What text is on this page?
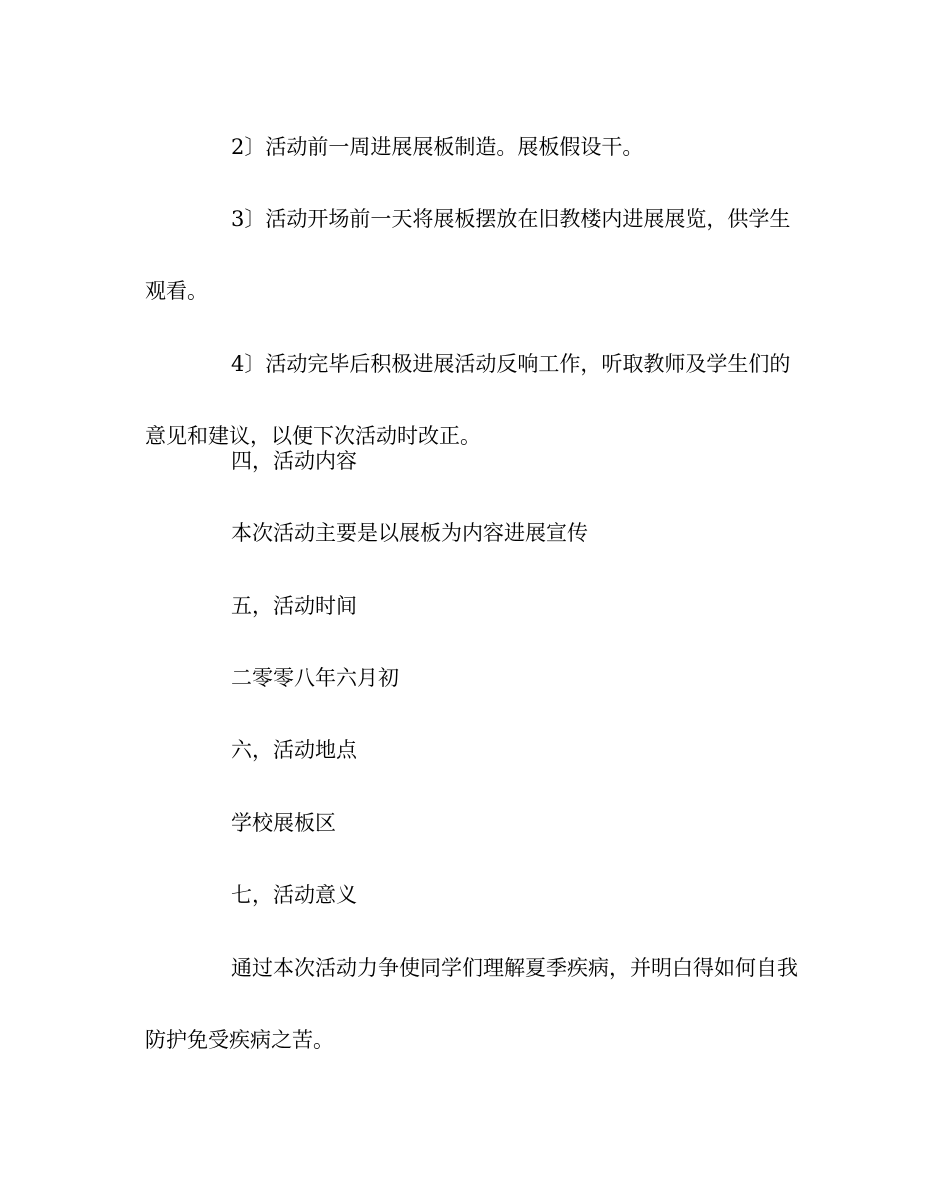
2〕活动前一周进展展板制造。展板假设干。

3〕活动开场前一天将展板摆放在旧教楼内进展展览，供学生观看。

4〕活动完毕后积极进展活动反响工作，听取教师及学生们的意见和建议，以便下次活动时改正。

四，活动内容

本次活动主要是以展板为内容进展宣传

五，活动时间

二零零八年六月初

六，活动地点

学校展板区

七，活动意义

通过本次活动力争使同学们理解夏季疾病，并明白得如何自我防护免受疾病之苦。
